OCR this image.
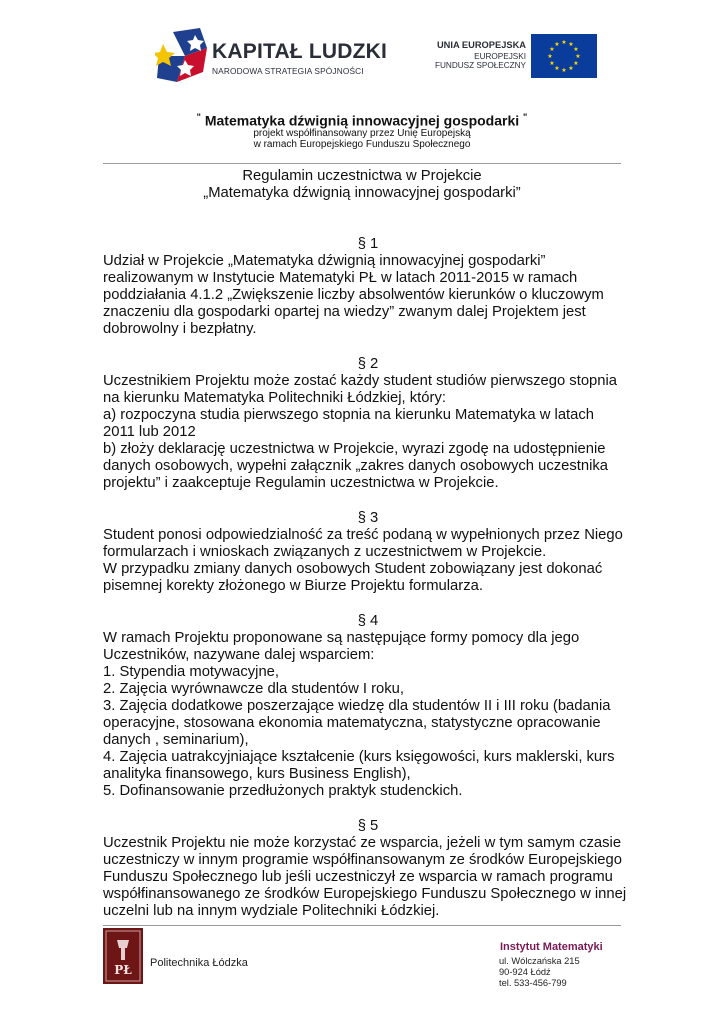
KAPITAŁ LUDZKI
NARODOWA STRATEGIA SPÓJNOŚCI
UNIA EUROPEJSKA
EUROPEJSKI
FUNDUSZ SPOŁECZNY
★ ★
★
★
★
★
★
★
★
★
★
★
" Matematyka dźwignią innowacyjnej gospodarki "
projekt współfinansowany przez Unię Europejską
w ramach Europejskiego Funduszu Społecznego
Regulamin uczestnictwa w Projekcie
„Matematyka dźwignią innowacyjnej gospodarki”
§ 1
Udział w Projekcie „Matematyka dźwignią innowacyjnej gospodarki”
realizowanym w Instytucie Matematyki PŁ w latach 2011-2015 w ramach
poddziałania 4.1.2 „Zwiększenie liczby absolwentów kierunków o kluczowym
znaczeniu dla gospodarki opartej na wiedzy” zwanym dalej Projektem jest
dobrowolny i bezpłatny.
§ 2
Uczestnikiem Projektu może zostać każdy student studiów pierwszego stopnia
na kierunku Matematyka Politechniki Łódzkiej, który:
a) rozpoczyna studia pierwszego stopnia na kierunku Matematyka w latach
2011 lub 2012
b) złoży deklarację uczestnictwa w Projekcie, wyrazi zgodę na udostępnienie
danych osobowych, wypełni załącznik „zakres danych osobowych uczestnika
projektu” i zaakceptuje Regulamin uczestnictwa w Projekcie.
§ 3
Student ponosi odpowiedzialność za treść podaną w wypełnionych przez Niego
formularzach i wnioskach związanych z uczestnictwem w Projekcie.
W przypadku zmiany danych osobowych Student zobowiązany jest dokonać
pisemnej korekty złożonego w Biurze Projektu formularza.
§ 4
W ramach Projektu proponowane są następujące formy pomocy dla jego
Uczestników, nazywane dalej wsparciem:
1. Stypendia motywacyjne,
2. Zajęcia wyrównawcze dla studentów I roku,
3. Zajęcia dodatkowe poszerzające wiedzę dla studentów II i III roku (badania
operacyjne, stosowana ekonomia matematyczna, statystyczne opracowanie
danych , seminarium),
4. Zajęcia uatrakcyjniające kształcenie (kurs księgowości, kurs maklerski, kurs
analityka finansowego, kurs Business English),
5. Dofinansowanie przedłużonych praktyk studenckich.
§ 5
Uczestnik Projektu nie może korzystać ze wsparcia, jeżeli w tym samym czasie
uczestniczy w innym programie współfinansowanym ze środków Europejskiego
Funduszu Społecznego lub jeśli uczestniczył ze wsparcia w ramach programu
współfinansowanego ze środków Europejskiego Funduszu Społecznego w innej
uczelni lub na innym wydziale Politechniki Łódzkiej.
PŁ Politechnika Łódzka
Instytut Matematyki
ul. Wólczańska 215
90-924 Łódź
tel. 533-456-799
